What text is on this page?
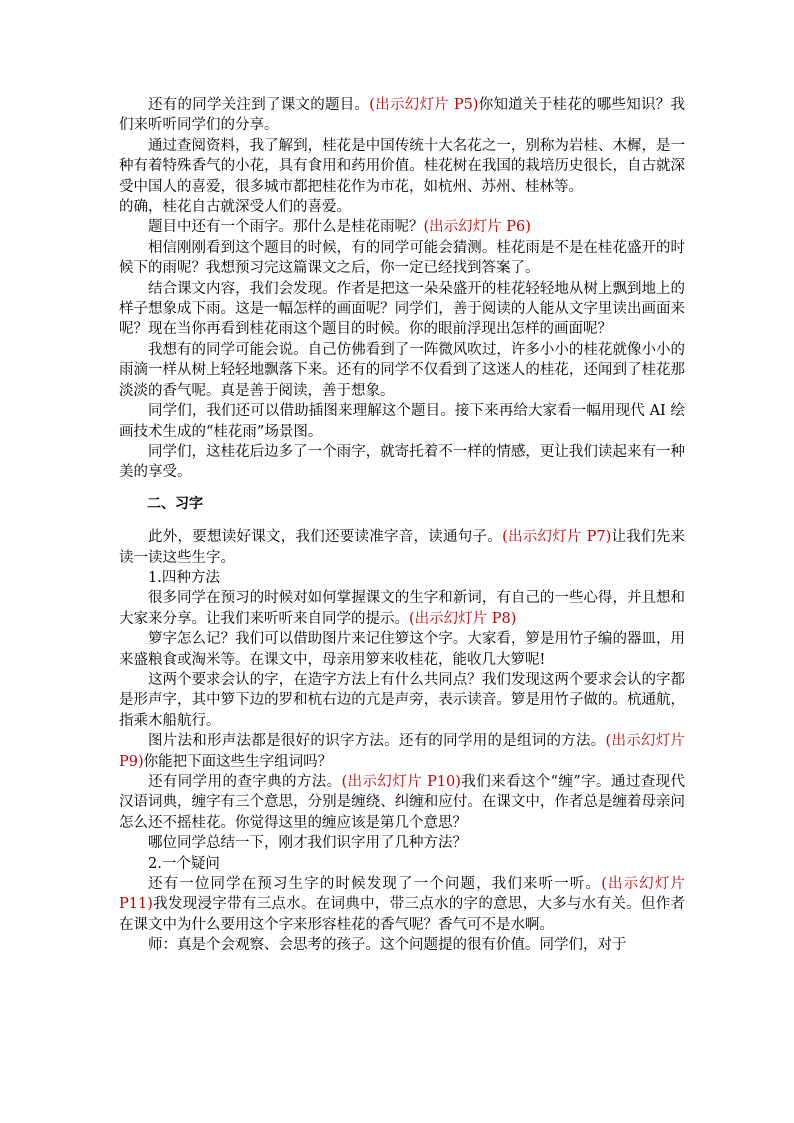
还有的同学关注到了课文的题目。(出示幻灯片 P5)你知道关于桂花的哪些知识？我们来听听同学们的分享。

通过查阅资料，我了解到，桂花是中国传统十大名花之一，别称为岩桂、木樨，是一种有着特殊香气的小花，具有食用和药用价值。桂花树在我国的栽培历史很长，自古就深受中国人的喜爱，很多城市都把桂花作为市花，如杭州、苏州、桂林等。

的确，桂花自古就深受人们的喜爱。

题目中还有一个雨字。那什么是桂花雨呢？(出示幻灯片 P6)

相信刚刚看到这个题目的时候，有的同学可能会猜测。桂花雨是不是在桂花盛开的时候下的雨呢？我想预习完这篇课文之后，你一定已经找到答案了。

结合课文内容，我们会发现。作者是把这一朵朵盛开的桂花轻轻地从树上飘到地上的样子想象成下雨。这是一幅怎样的画面呢？同学们，善于阅读的人能从文字里读出画面来呢？现在当你再看到桂花雨这个题目的时候。你的眼前浮现出怎样的画面呢？

我想有的同学可能会说。自己仿佛看到了一阵微风吹过，许多小小的桂花就像小小的雨滴一样从树上轻轻地飘落下来。还有的同学不仅看到了这迷人的桂花，还闻到了桂花那淡淡的香气呢。真是善于阅读，善于想象。

同学们，我们还可以借助插图来理解这个题目。接下来再给大家看一幅用现代 AI 绘画技术生成的“桂花雨”场景图。

同学们，这桂花后边多了一个雨字，就寄托着不一样的情感，更让我们读起来有一种美的享受。

二、习字

此外，要想读好课文，我们还要读准字音，读通句子。(出示幻灯片 P7)让我们先来读一读这些生字。

1.四种方法

很多同学在预习的时候对如何掌握课文的生字和新词，有自己的一些心得，并且想和大家来分享。让我们来听听来自同学的提示。(出示幻灯片 P8)

箩字怎么记？我们可以借助图片来记住箩这个字。大家看，箩是用竹子编的器皿，用来盛粮食或淘米等。在课文中，母亲用箩来收桂花，能收几大箩呢!

这两个要求会认的字，在造字方法上有什么共同点？我们发现这两个要求会认的字都是形声字，其中箩下边的罗和杭右边的亢是声旁，表示读音。箩是用竹子做的。杭通航，指乘木船航行。

图片法和形声法都是很好的识字方法。还有的同学用的是组词的方法。(出示幻灯片 P9)你能把下面这些生字组词吗？

还有同学用的查字典的方法。(出示幻灯片 P10)我们来看这个“缠”字。通过查现代汉语词典，缠字有三个意思，分别是缠绕、纠缠和应付。在课文中，作者总是缠着母亲问怎么还不摇桂花。你觉得这里的缠应该是第几个意思？

哪位同学总结一下，刚才我们识字用了几种方法？

2.一个疑问

还有一位同学在预习生字的时候发现了一个问题，我们来听一听。(出示幻灯片 P11)我发现浸字带有三点水。在词典中，带三点水的字的意思，大多与水有关。但作者在课文中为什么要用这个字来形容桂花的香气呢？香气可不是水啊。

师：真是个会观察、会思考的孩子。这个问题提的很有价值。同学们，对于
